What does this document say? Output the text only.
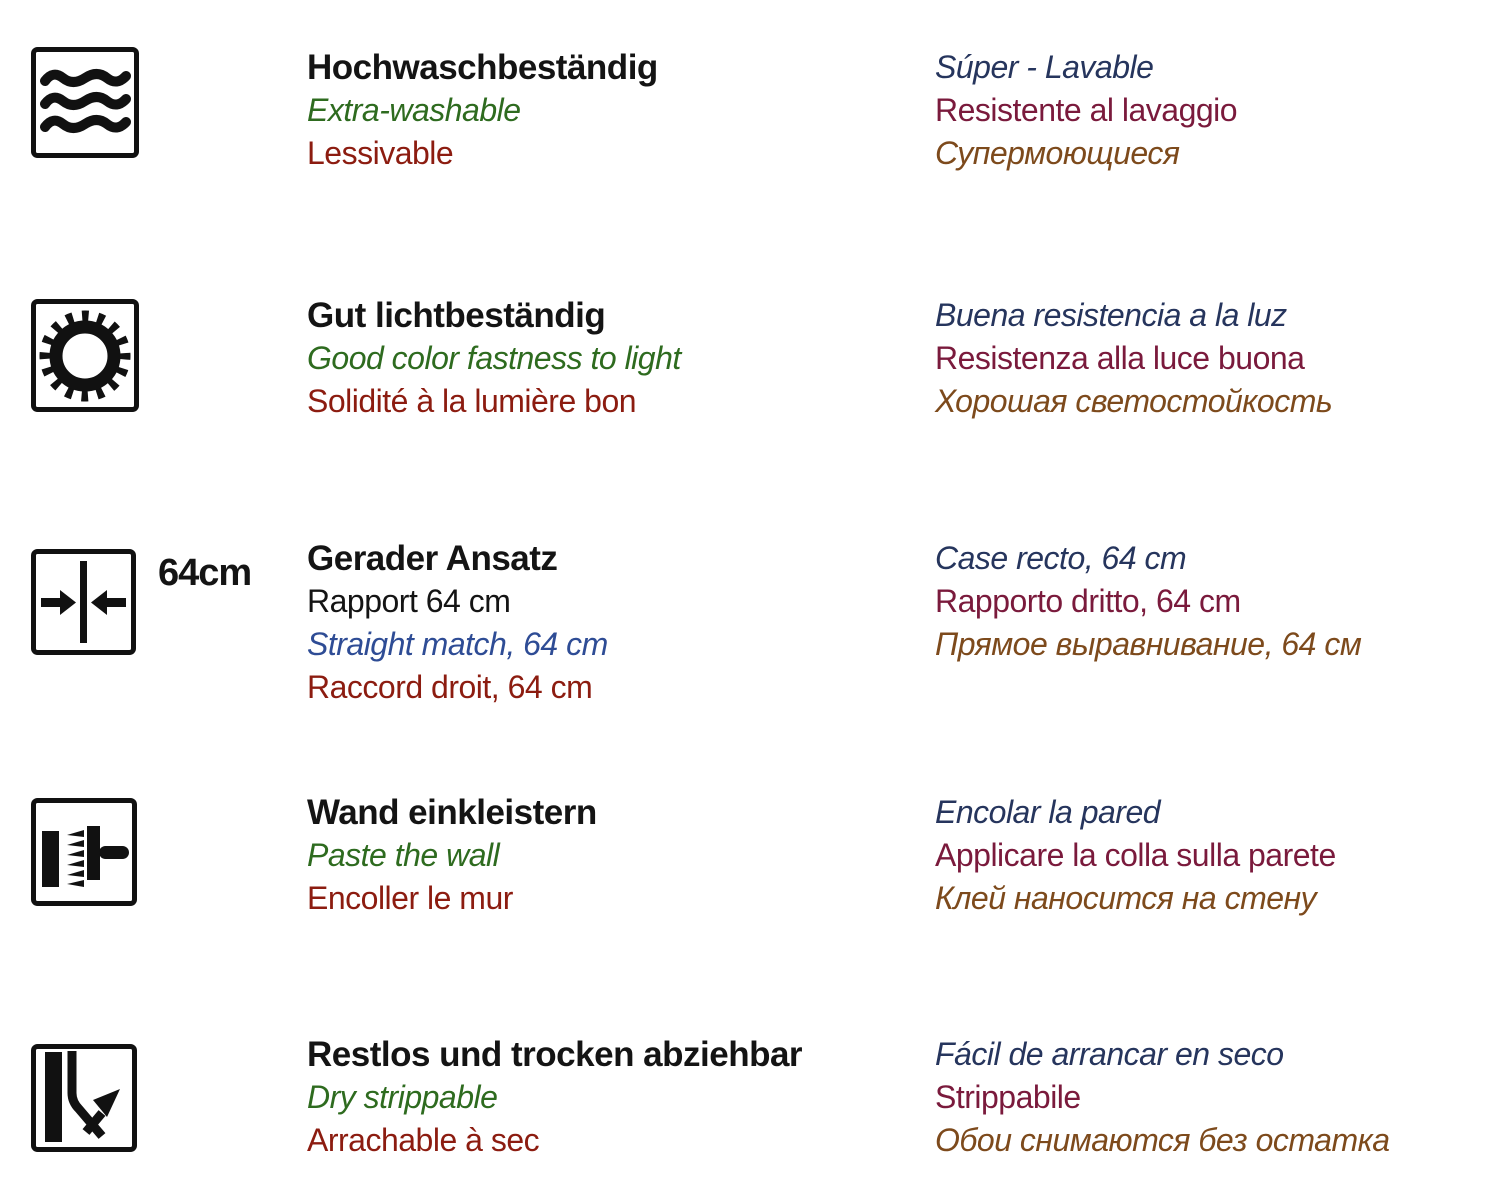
Hochwaschbeständig
Extra-washable
Lessivable
Súper - Lavable
Resistente al lavaggio
Супермоющиеся
Gut lichtbeständig
Good color fastness to light
Solidité à la lumière bon
Buena resistencia a la luz
Resistenza alla luce buona
Хорошая светостойкость
64cm Gerader Ansatz
Rapport 64 cm
Straight match, 64 cm
Raccord droit, 64 cm
Case recto, 64 cm
Rapporto dritto, 64 cm
Прямое выравнивание, 64 см
Wand einkleistern
Paste the wall
Encoller le mur
Encolar la pared
Applicare la colla sulla parete
Клей наносится на стену
Restlos und trocken abziehbar
Dry strippable
Arrachable à sec
Fácil de arrancar en seco
Strippabile
Обои снимаются без остатка
